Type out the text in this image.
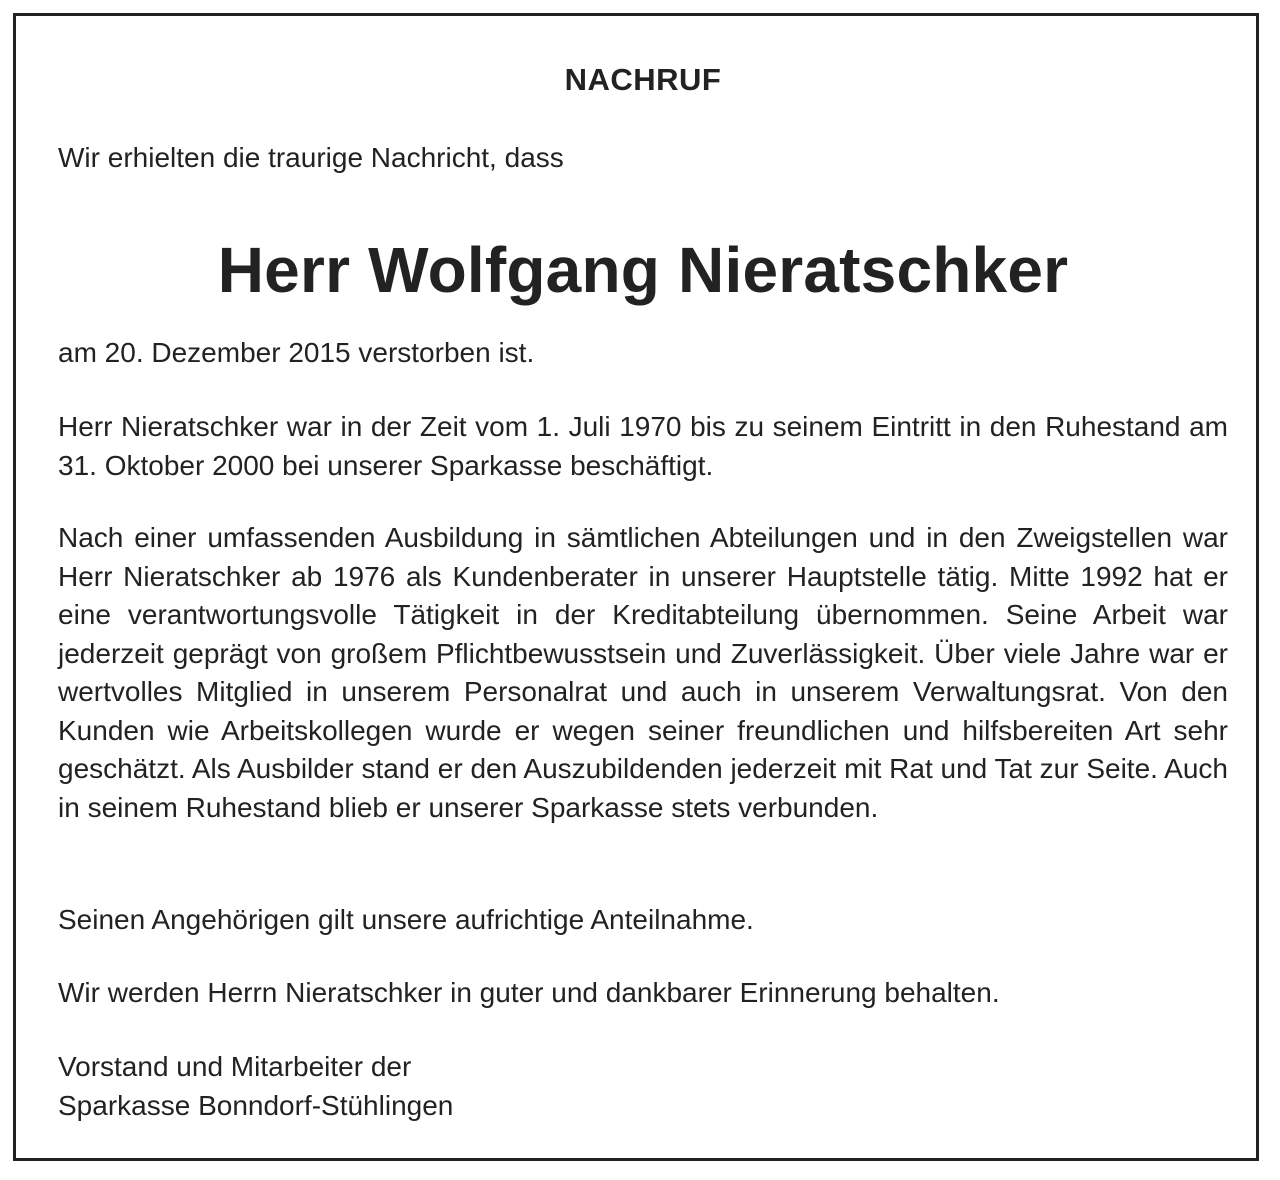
NACHRUF

Wir erhielten die traurige Nachricht, dass

Herr Wolfgang Nieratschker

am 20. Dezember 2015 verstorben ist.

Herr Nieratschker war in der Zeit vom 1. Juli 1970 bis zu seinem Eintritt in den Ruhestand am 31. Oktober 2000 bei unserer Sparkasse beschäftigt.

Nach einer umfassenden Ausbildung in sämtlichen Abteilungen und in den Zweigstellen war Herr Nieratschker ab 1976 als Kundenberater in unserer Hauptstelle tätig. Mitte 1992 hat er eine verantwortungsvolle Tätigkeit in der Kreditabteilung übernommen. Seine Arbeit war jederzeit geprägt von großem Pflichtbewusstsein und Zuverlässigkeit. Über viele Jahre war er wertvolles Mitglied in unserem Personalrat und auch in unserem Verwaltungsrat. Von den Kunden wie Arbeitskollegen wurde er wegen seiner freundlichen und hilfsbereiten Art sehr geschätzt. Als Ausbilder stand er den Auszubildenden jederzeit mit Rat und Tat zur Seite. Auch in seinem Ruhestand blieb er unserer Sparkasse stets verbunden.

Seinen Angehörigen gilt unsere aufrichtige Anteilnahme.

Wir werden Herrn Nieratschker in guter und dankbarer Erinnerung behalten.

Vorstand und Mitarbeiter der
Sparkasse Bonndorf-Stühlingen
